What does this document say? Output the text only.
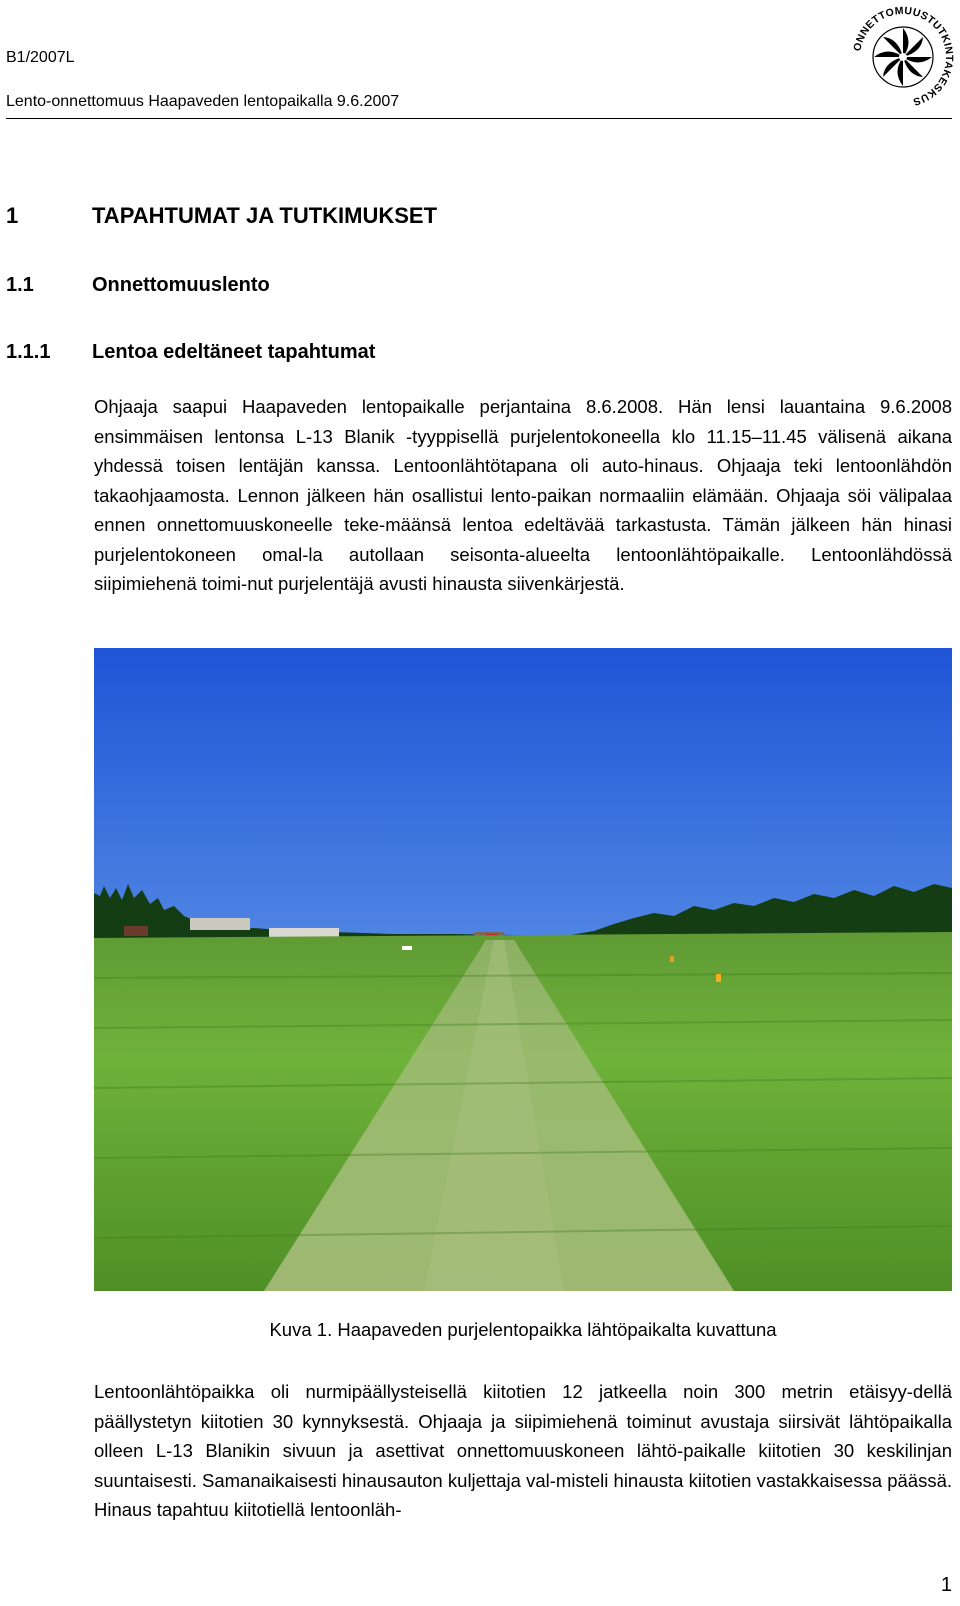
B1/2007L
Lento-onnettomuus Haapaveden lentopaikalla 9.6.2007
ONNETTOMUUSTUTKINTAKESKUS
1	TAPAHTUMAT JA TUTKIMUKSET
1.1	Onnettomuuslento
1.1.1 Lentoa edeltäneet tapahtumat
Ohjaaja saapui Haapaveden lentopaikalle perjantaina 8.6.2008. Hän lensi lauantaina 9.6.2008 ensimmäisen lentonsa L-13 Blanik -tyyppisellä purjelentokoneella klo 11.15–11.45 välisenä aikana yhdessä toisen lentäjän kanssa. Lentoonlähtötapana oli auto-hinaus. Ohjaaja teki lentoonlähdön takaohjaamosta. Lennon jälkeen hän osallistui lento-paikan normaaliin elämään. Ohjaaja söi välipalaa ennen onnettomuuskoneelle teke-määnsä lentoa edeltävää tarkastusta. Tämän jälkeen hän hinasi purjelentokoneen omal-la autollaan seisonta-alueelta lentoonlähtöpaikalle. Lentoonlähdössä siipimiehenä toimi-nut purjelentäjä avusti hinausta siivenkärjestä.
Kuva 1. Haapaveden purjelentopaikka lähtöpaikalta kuvattuna
Lentoonlähtöpaikka oli nurmipäällysteisellä kiitotien 12 jatkeella noin 300 metrin etäisyy-dellä päällystetyn kiitotien 30 kynnyksestä. Ohjaaja ja siipimiehenä toiminut avustaja siirsivät lähtöpaikalla olleen L-13 Blanikin sivuun ja asettivat onnettomuuskoneen lähtö-paikalle kiitotien 30 keskilinjan suuntaisesti. Samanaikaisesti hinausauton kuljettaja val-misteli hinausta kiitotien vastakkaisessa päässä. Hinaus tapahtuu kiitotiellä lentoonläh-
1
